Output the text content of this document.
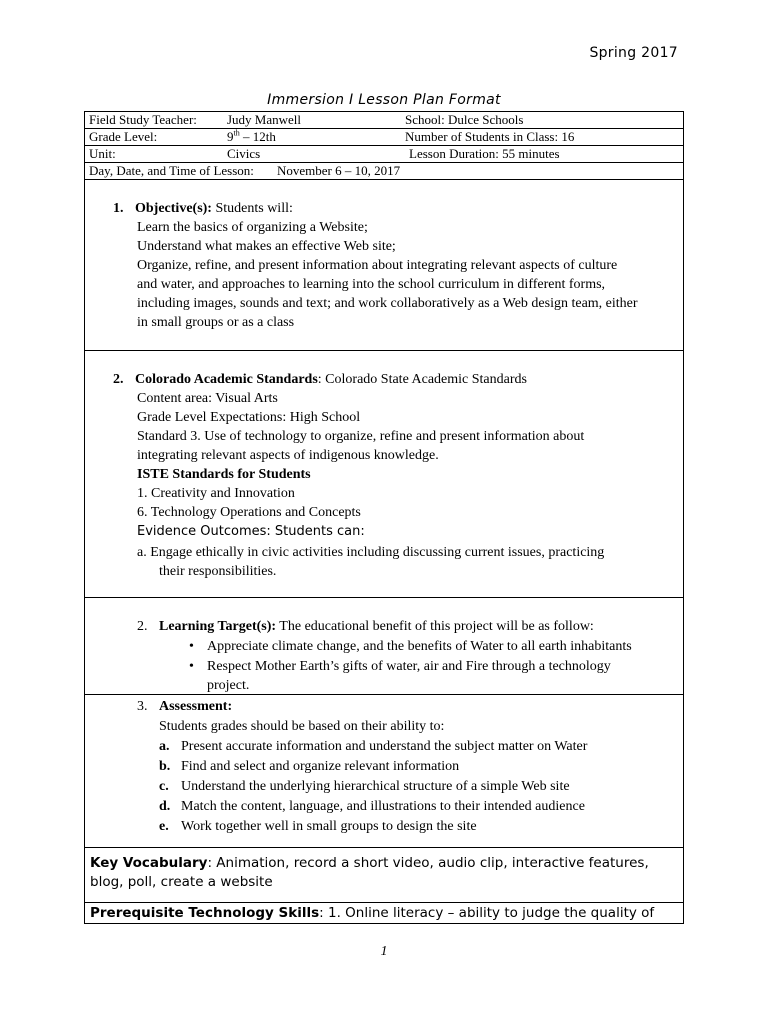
Spring 2017
Immersion I Lesson Plan Format
Field Study Teacher: Judy Manwell	School: Dulce Schools
Grade Level:	9th – 12th	Number of Students in Class: 16
Unit:	Civics	Lesson Duration: 55 minutes
Day, Date, and Time of Lesson: November 6 – 10, 2017

1. Objective(s): Students will:

Learn the basics of organizing a Website;

Understand what makes an effective Web site;

Organize, refine, and present information about integrating relevant aspects of culture

and water, and approaches to learning into the school curriculum in different forms,

including images, sounds and text; and work collaboratively as a Web design team, either

in small groups or as a class

2. Colorado Academic Standards: Colorado State Academic Standards

Content area: Visual Arts

Grade Level Expectations: High School

Standard 3. Use of technology to organize, refine and present information about

integrating relevant aspects of indigenous knowledge.

ISTE Standards for Students

1. Creativity and Innovation

6. Technology Operations and Concepts

Evidence Outcomes: Students can:

a. Engage ethically in civic activities including discussing current issues, practicing

their responsibilities.

2. Learning Target(s): The educational benefit of this project will be as follow:

• Appreciate climate change, and the benefits of Water to all earth inhabitants

• Respect Mother Earth’s gifts of water, air and Fire through a technology

project.

3. Assessment:

Students grades should be based on their ability to:

a. Present accurate information and understand the subject matter on Water

b. Find and select and organize relevant information

c. Understand the underlying hierarchical structure of a simple Web site

d. Match the content, language, and illustrations to their intended audience

e. Work together well in small groups to design the site

Key Vocabulary: Animation, record a short video, audio clip, interactive features,
blog, poll, create a website
Prerequisite Technology Skills: 1. Online literacy – ability to judge the quality of
1
